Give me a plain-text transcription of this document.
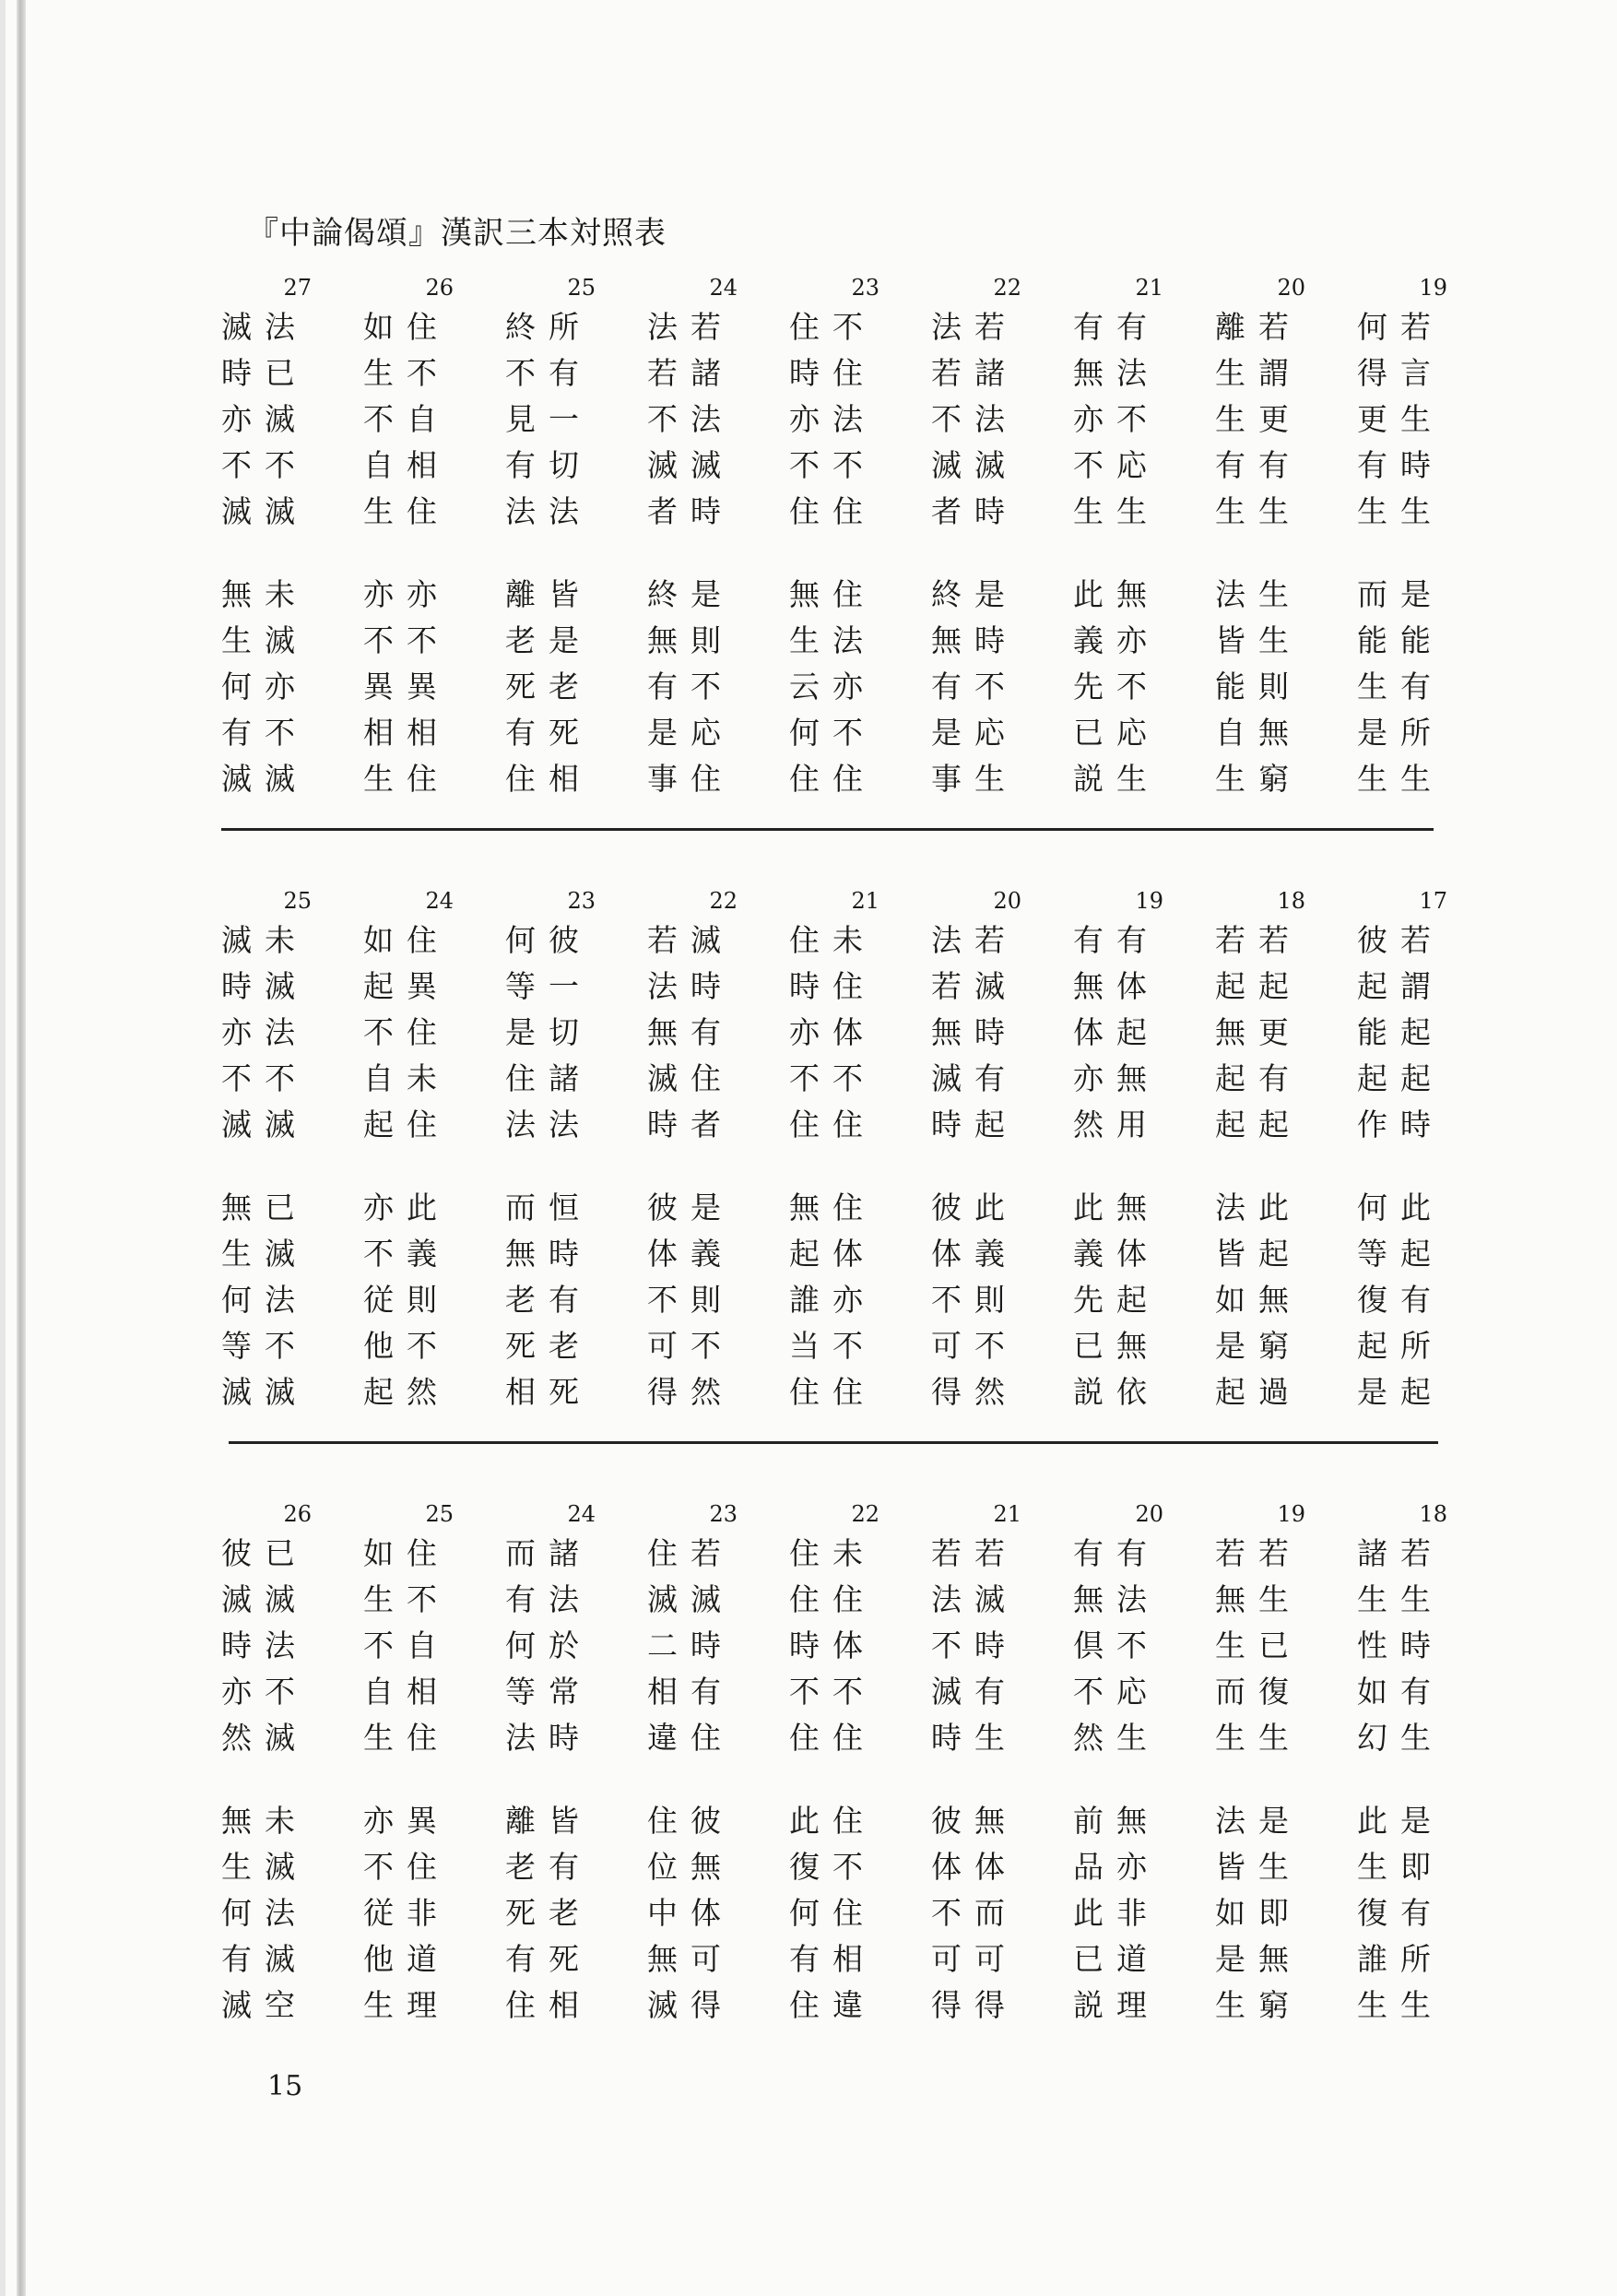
『中論偈頌』漢訳三本対照表
27
滅法
時已
亦滅
不不
滅滅
無未
生滅
何亦
有不
滅滅
26
如住
生不
不自
自相
生住
亦亦
不不
異異
相相
生住
25
終所
不有
見一
有切
法法
離皆
老是
死老
有死
住相
24
法若
若諸
不法
滅滅
者時
終是
無則
有不
是応
事住
23
住不
時住
亦法
不不
住住
無住
生法
云亦
何不
住住
22
法若
若諸
不法
滅滅
者時
終是
無時
有不
是応
事生
21
有有
無法
亦不
不応
生生
此無
義亦
先不
已応
説生
20
離若
生謂
生更
有有
生生
法生
皆生
能則
自無
生窮
19
何若
得言
更生
有時
生生
而是
能能
生有
是所
生生
25
滅未
時滅
亦法
不不
滅滅
無已
生滅
何法
等不
滅滅
24
如住
起異
不住
自未
起住
亦此
不義
従則
他不
起然
23
何彼
等一
是切
住諸
法法
而恒
無時
老有
死老
相死
22
若滅
法時
無有
滅住
時者
彼是
体義
不則
可不
得然
21
住未
時住
亦体
不不
住住
無住
起体
誰亦
当不
住住
20
法若
若滅
無時
滅有
時起
彼此
体義
不則
可不
得然
19
有有
無体
体起
亦無
然用
此無
義体
先起
已無
説依
18
若若
起起
無更
起有
起起
法此
皆起
如無
是窮
起過
17
彼若
起謂
能起
起起
作時
何此
等起
復有
起所
是起
26
彼已
滅滅
時法
亦不
然滅
無未
生滅
何法
有滅
滅空
25
如住
生不
不自
自相
生住
亦異
不住
従非
他道
生理
24
而諸
有法
何於
等常
法時
離皆
老有
死老
有死
住相
23
住若
滅滅
二時
相有
違住
住彼
位無
中体
無可
滅得
22
住未
住住
時体
不不
住住
此住
復不
何住
有相
住違
21
若若
法滅
不時
滅有
時生
彼無
体体
不而
可可
得得
20
有有
無法
倶不
不応
然生
前無
品亦
此非
已道
説理
19
若若
無生
生已
而復
生生
法是
皆生
如即
是無
生窮
18
諸若
生生
性時
如有
幻生
此是
生即
復有
誰所
生生
15
